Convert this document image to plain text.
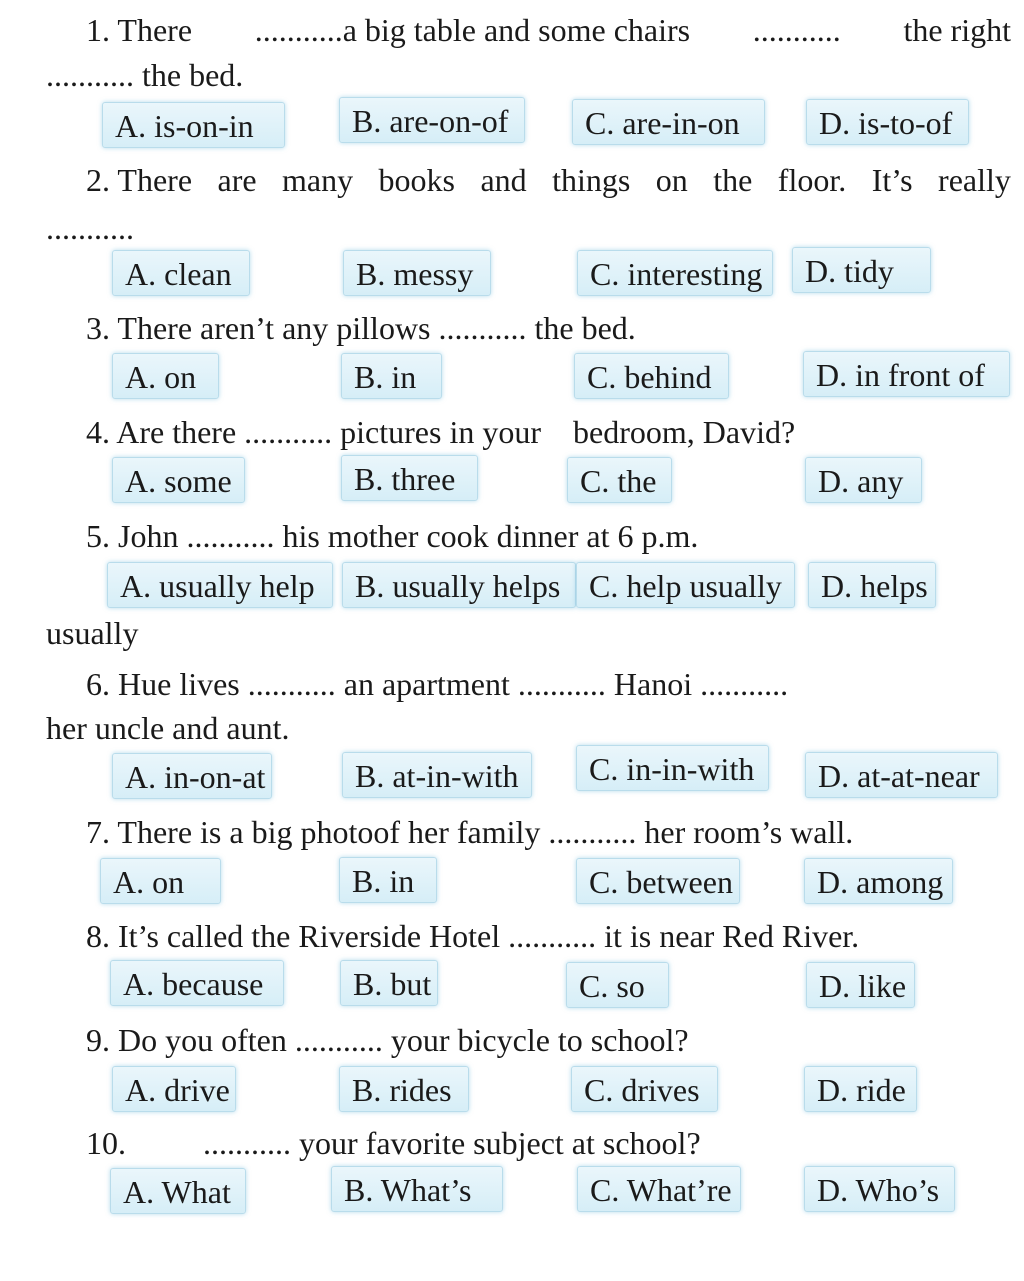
1. There ...........a big table and some chairs ........... the right
........... the bed.
A. is-on-in	B. are-on-of	C. are-in-on	D. is-to-of
2. There are many books and things on the floor. It’s really
...........
A. clean	B. messy	C. interesting	D. tidy
3. There aren’t any pillows ........... the bed.
A. on	B. in	C. behind	D. in front of
4. Are there ........... pictures in your    bedroom, David?
A. some	B. three	C. the	D. any
5. John ........... his mother cook dinner at 6 p.m.
A. usually help	B. usually helps C. help usually	D. helps
usually
6. Hue lives ........... an apartment ........... Hanoi ...........
her uncle and aunt.
A. in-on-at	B. at-in-with	C. in-in-with	D. at-at-near
7. There is a big photoof her family ........... her room’s wall.
A. on	B. in	C. between	D. among
8. It’s called the Riverside Hotel ........... it is near Red River.
A. because	B. but	C. so	D. like
9. Do you often ........... your bicycle to school?
A. drive	B. rides	C. drives	D. ride
10. ........... your favorite subject at school?
A. What	B. What’s	C. What’re	D. Who’s
